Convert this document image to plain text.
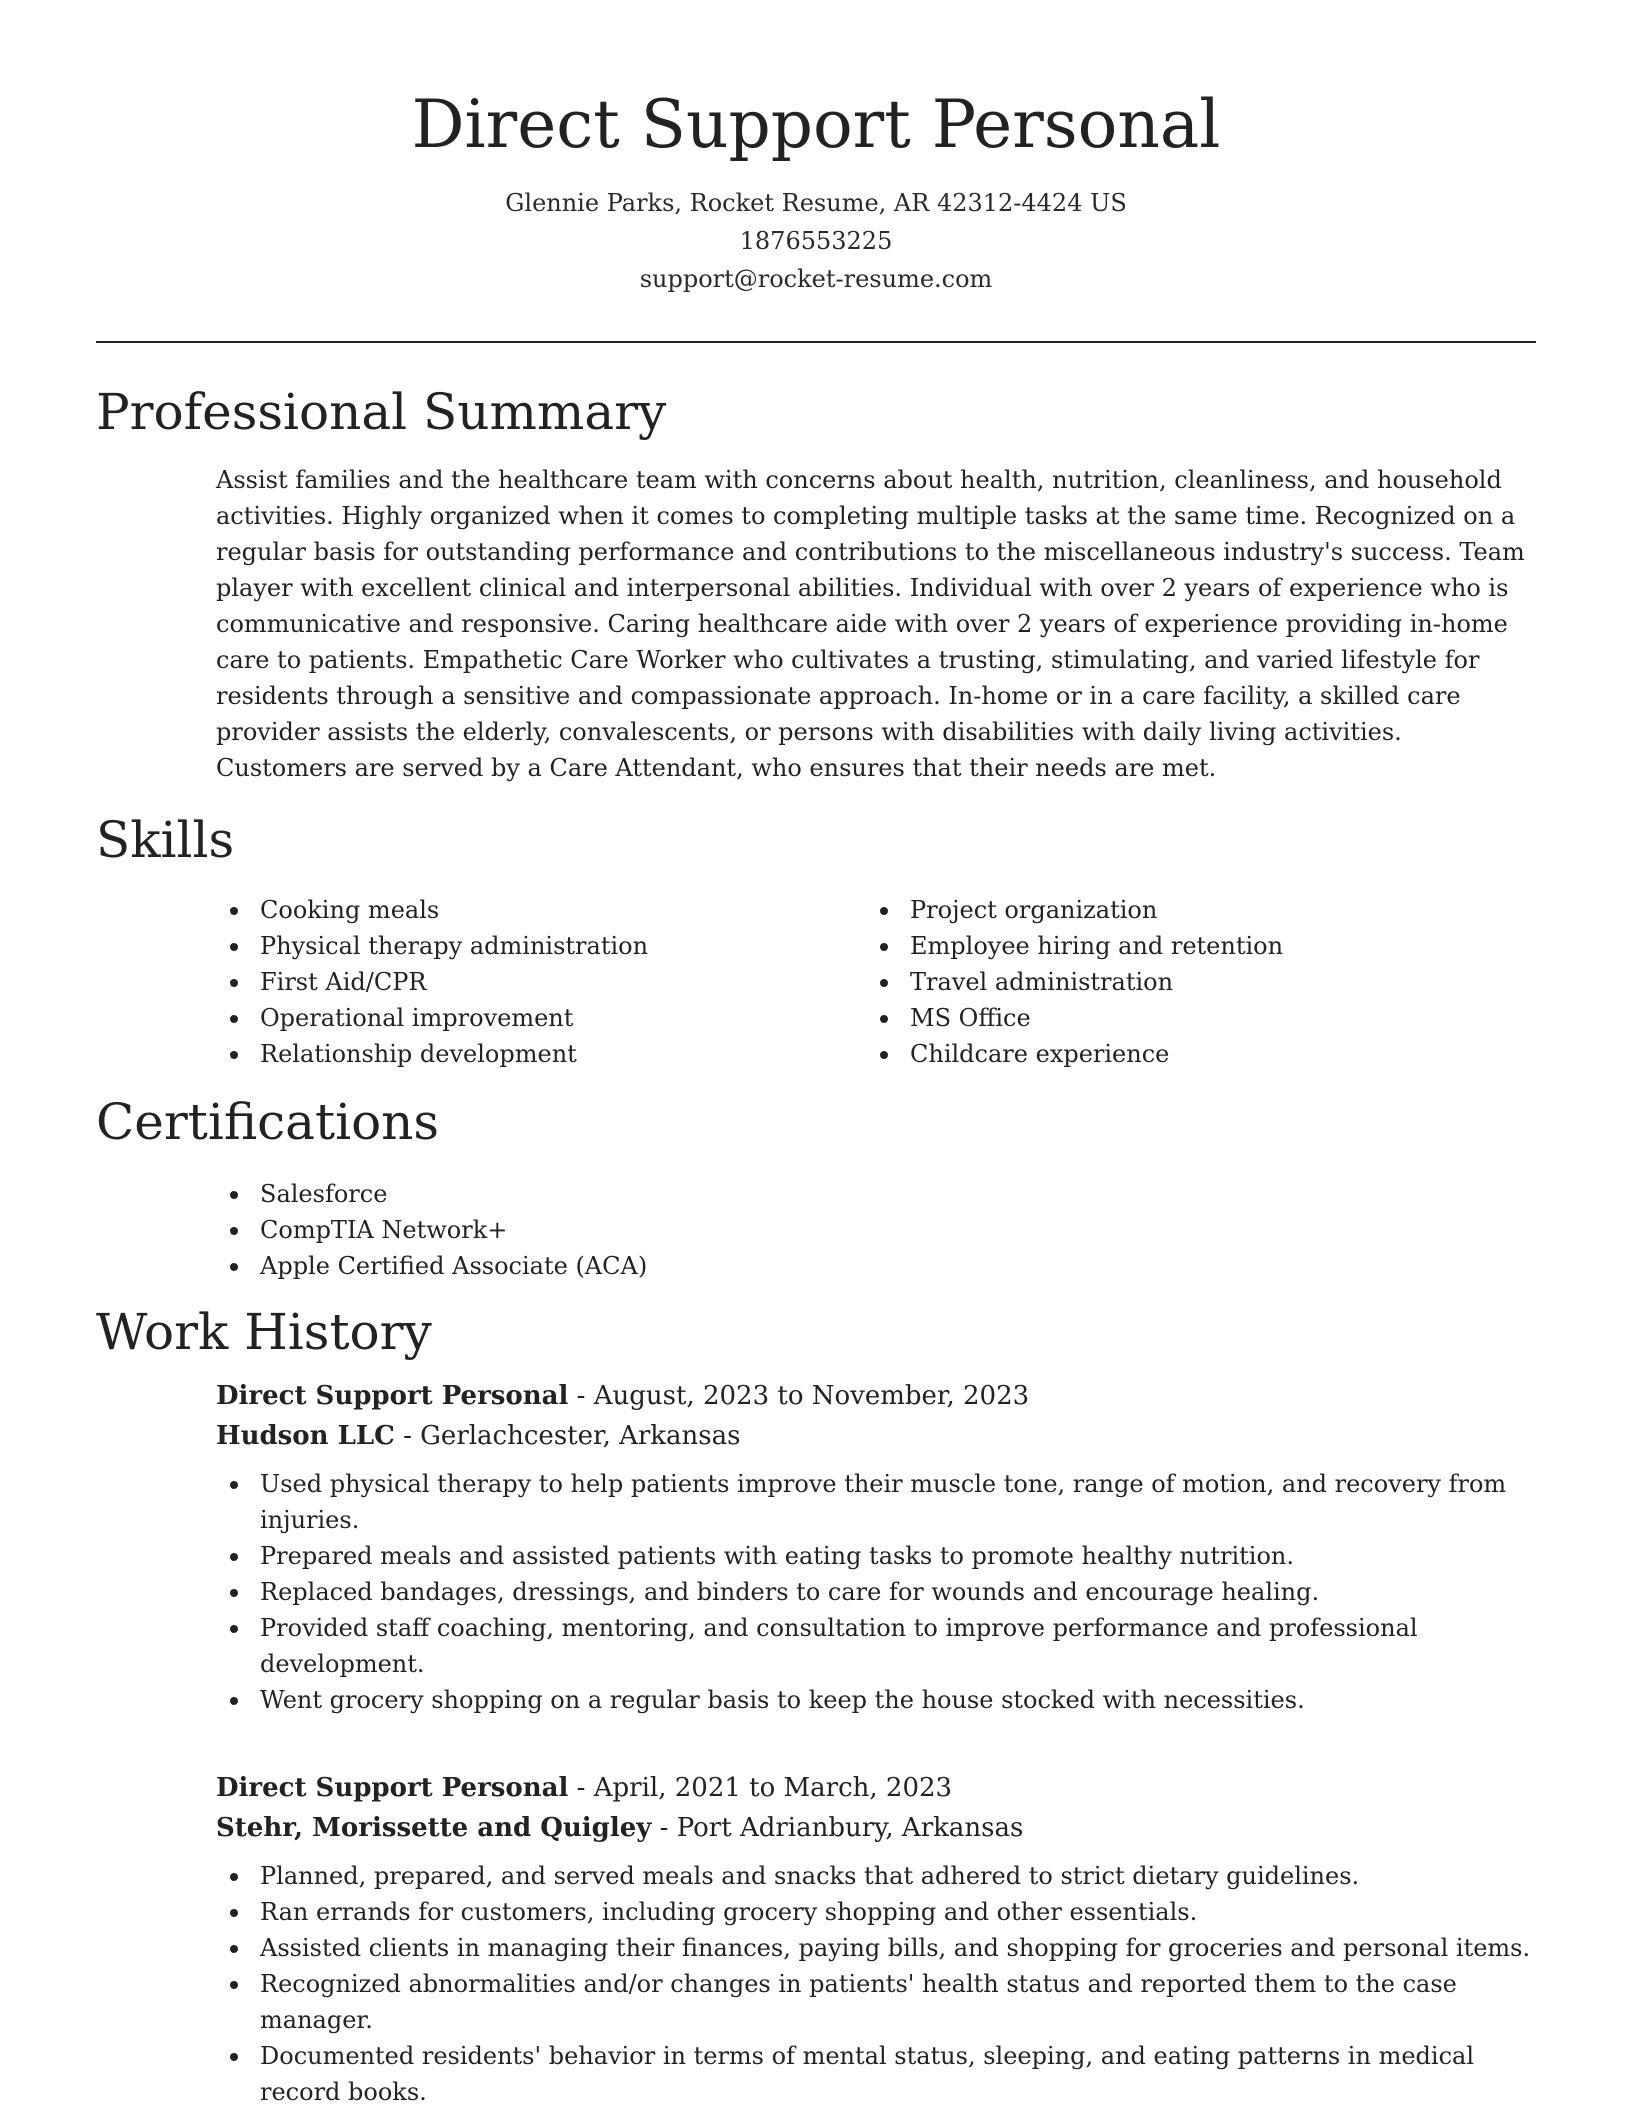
Direct Support Personal
Glennie Parks, Rocket Resume, AR 42312-4424 US
1876553225
support@rocket-resume.com
Professional Summary

Assist families and the healthcare team with concerns about health, nutrition, cleanliness, and household activities. Highly organized when it comes to completing multiple tasks at the same time. Recognized on a regular basis for outstanding performance and contributions to the miscellaneous industry's success. Team player with excellent clinical and interpersonal abilities. Individual with over 2 years of experience who is communicative and responsive. Caring healthcare aide with over 2 years of experience providing in-home care to patients. Empathetic Care Worker who cultivates a trusting, stimulating, and varied lifestyle for residents through a sensitive and compassionate approach. In-home or in a care facility, a skilled care provider assists the elderly, convalescents, or persons with disabilities with daily living activities. Customers are served by a Care Attendant, who ensures that their needs are met.

Skills
Cooking meals
Physical therapy administration
First Aid/CPR
Operational improvement
Relationship development
Project organization
Employee hiring and retention
Travel administration
MS Office
Childcare experience
Certifications
Salesforce
CompTIA Network+
Apple Certified Associate (ACA)
Work History
Direct Support Personal - August, 2023 to November, 2023
Hudson LLC - Gerlachcester, Arkansas
Used physical therapy to help patients improve their muscle tone, range of motion, and recovery from injuries.
Prepared meals and assisted patients with eating tasks to promote healthy nutrition.
Replaced bandages, dressings, and binders to care for wounds and encourage healing.
Provided staff coaching, mentoring, and consultation to improve performance and professional development.
Went grocery shopping on a regular basis to keep the house stocked with necessities.
Direct Support Personal - April, 2021 to March, 2023
Stehr, Morissette and Quigley - Port Adrianbury, Arkansas
Planned, prepared, and served meals and snacks that adhered to strict dietary guidelines.
Ran errands for customers, including grocery shopping and other essentials.
Assisted clients in managing their finances, paying bills, and shopping for groceries and personal items.
Recognized abnormalities and/or changes in patients' health status and reported them to the case manager.
Documented residents' behavior in terms of mental status, sleeping, and eating patterns in medical record books.
